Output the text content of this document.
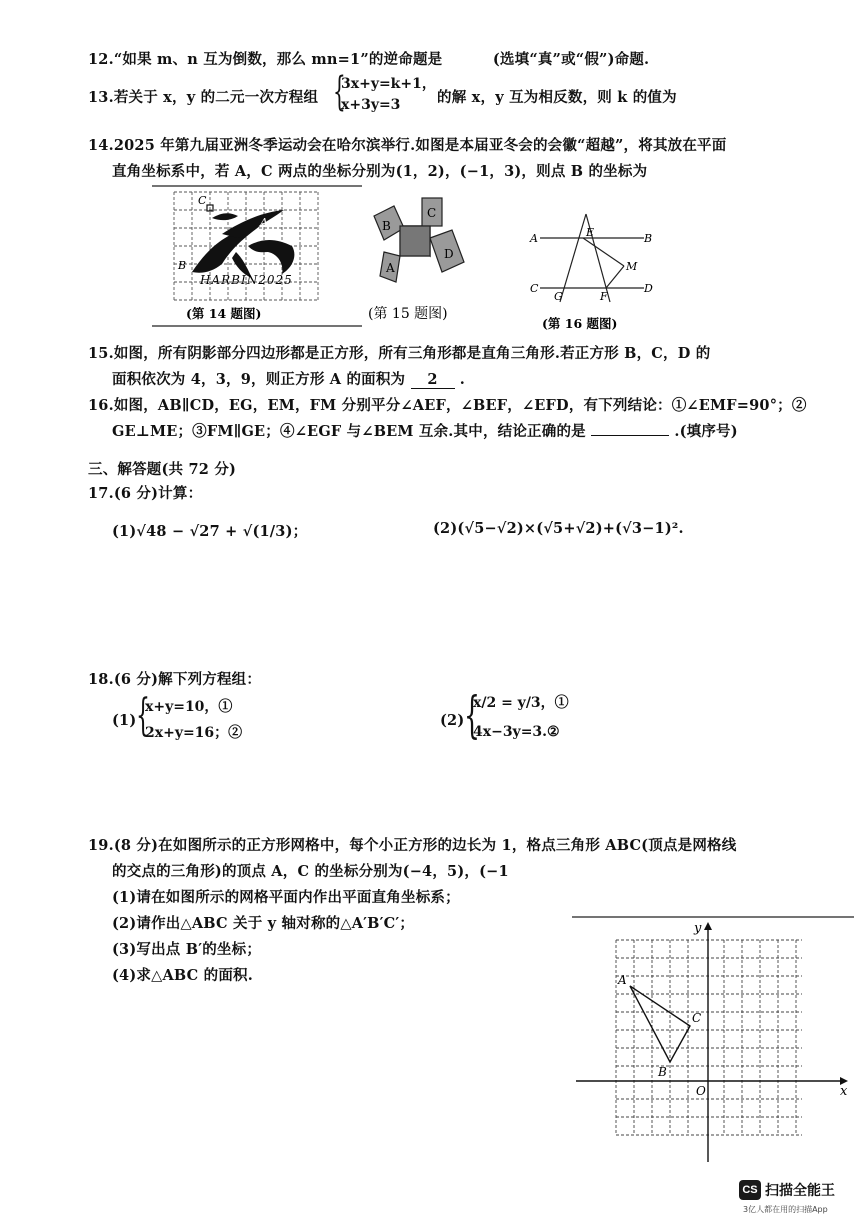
12.“如果 m、n 互为倒数，那么 mn=1”的逆命题是	(选填“真”或“假”)命题.
13.若关于 x，y 的二元一次方程组 {
3x+y=k+1，
x+3y=3	的解 x，y 互为相反数，则 k 的值为
14.2025 年第九届亚洲冬季运动会在哈尔滨举行.如图是本届亚冬会的会徽“超越”，将其放在平面
直角坐标系中，若 A，C 两点的坐标分别为(1，2)，(−1，3)，则点 B 的坐标为
C
A
B
HARBIN2025
(第 14 题图)
C
B
A
D
(第 15 题图)
A	B
E
M
C	D
G	F
(第 16 题图)
15.如图，所有阴影部分四边形都是正方形，所有三角形都是直角三角形.若正方形 B，C，D 的
面积依次为 4，3，9，则正方形 A 的面积为 2 .
16.如图，AB∥CD，EG，EM，FM 分别平分∠AEF，∠BEF，∠EFD，有下列结论：①∠EMF=90°；②
GE⊥ME；③FM∥GE；④∠EGF 与∠BEM 互余.其中，结论正确的是	.(填序号)
三、解答题(共 72 分)
17.(6 分)计算：
(1)√48 − √27 + √(1/3)；	(2)(√5−√2)×(√5+√2)+(√3−1)².
18.(6 分)解下列方程组：
(1) {
x+y=10，①
2x+y=16；②
(2) {
x/2 = y/3，①
4x−3y=3.②
19.(8 分)在如图所示的正方形网格中，每个小正方形的边长为 1，格点三角形 ABC(顶点是网格线
的交点的三角形)的顶点 A，C 的坐标分别为(−4，5)，(−1
(1)请在如图所示的网格平面内作出平面直角坐标系；
(2)请作出△ABC 关于 y 轴对称的△A′B′C′；
(3)写出点 B′的坐标；
(4)求△ABC 的面积.
y
x
O
A
C
B
CS 扫描全能王
3亿人都在用的扫描App
